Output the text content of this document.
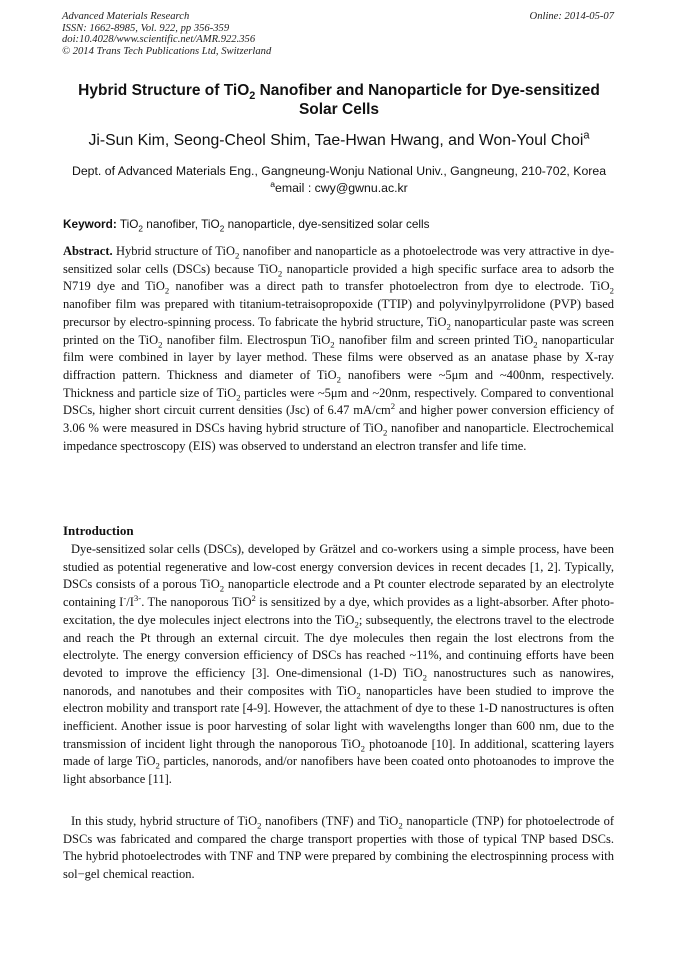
Advanced Materials Research
ISSN: 1662-8985, Vol. 922, pp 356-359
doi:10.4028/www.scientific.net/AMR.922.356
© 2014 Trans Tech Publications Ltd, Switzerland
Online: 2014-05-07
Hybrid Structure of TiO$_2$ Nanofiber and Nanoparticle for Dye-sensitized Solar Cells
Ji-Sun Kim, Seong-Cheol Shim, Tae-Hwan Hwang, and Won-Youl Choi$^a$
Dept. of Advanced Materials Eng., Gangneung-Wonju National Univ., Gangneung, 210-702, Korea
$^a$email : cwy@gwnu.ac.kr
Keyword: TiO$_2$ nanofiber, TiO$_2$ nanoparticle, dye-sensitized solar cells
Abstract. Hybrid structure of TiO$_2$ nanofiber and nanoparticle as a photoelectrode was very attractive in dye-sensitized solar cells (DSCs) because TiO$_2$ nanoparticle provided a high specific surface area to adsorb the N719 dye and TiO$_2$ nanofiber was a direct path to transfer photoelectron from dye to electrode. TiO$_2$ nanofiber film was prepared with titanium-tetraisopropoxide (TTIP) and polyvinylpyrrolidone (PVP) based precursor by electro-spinning process. To fabricate the hybrid structure, TiO$_2$ nanoparticular paste was screen printed on the TiO$_2$ nanofiber film. Electrospun TiO$_2$ nanofiber film and screen printed TiO$_2$ nanoparticular film were combined in layer by layer method. These films were observed as an anatase phase by X-ray diffraction pattern. Thickness and diameter of TiO$_2$ nanofibers were ~5μm and ~400nm, respectively. Thickness and particle size of TiO$_2$ particles were ~5μm and ~20nm, respectively. Compared to conventional DSCs, higher short circuit current densities (Jsc) of 6.47 $mA/cm^2$ and higher power conversion efficiency of 3.06 % were measured in DSCs having hybrid structure of TiO$_2$ nanofiber and nanoparticle. Electrochemical impedance spectroscopy (EIS) was observed to understand an electron transfer and life time.
Introduction
Dye-sensitized solar cells (DSCs), developed by Grätzel and co-workers using a simple process, have been studied as potential regenerative and low-cost energy conversion devices in recent decades [1, 2]. Typically, DSCs consists of a porous TiO$_2$ nanoparticle electrode and a Pt counter electrode separated by an electrolyte containing $I^-/I^{3-}$. The nanoporous TiO$^2$ is sensitized by a dye, which provides as a light-absorber. After photo-excitation, the dye molecules inject electrons into the TiO$_2$; subsequently, the electrons travel to the electrode and reach the Pt through an external circuit. The dye molecules then regain the lost electrons from the electrolyte. The energy conversion efficiency of DSCs has reached ~11%, and continuing efforts have been devoted to improve the efficiency [3]. One-dimensional (1-D) TiO$_2$ nanostructures such as nanowires, nanorods, and nanotubes and their composites with TiO$_2$ nanoparticles have been studied to improve the electron mobility and transport rate [4-9]. However, the attachment of dye to these 1-D nanostructures is often inefficient. Another issue is poor harvesting of solar light with wavelengths longer than 600 nm, due to the transmission of incident light through the nanoporous TiO$_2$ photoanode [10]. In additional, scattering layers made of large TiO$_2$ particles, nanorods, and/or nanofibers have been coated onto photoanodes to improve the light absorbance [11].
In this study, hybrid structure of TiO$_2$ nanofibers (TNF) and TiO$_2$ nanoparticle (TNP) for photoelectrode of DSCs was fabricated and compared the charge transport properties with those of typical TNP based DSCs. The hybrid photoelectrodes with TNF and TNP were prepared by combining the electrospinning process with sol−gel chemical reaction.
